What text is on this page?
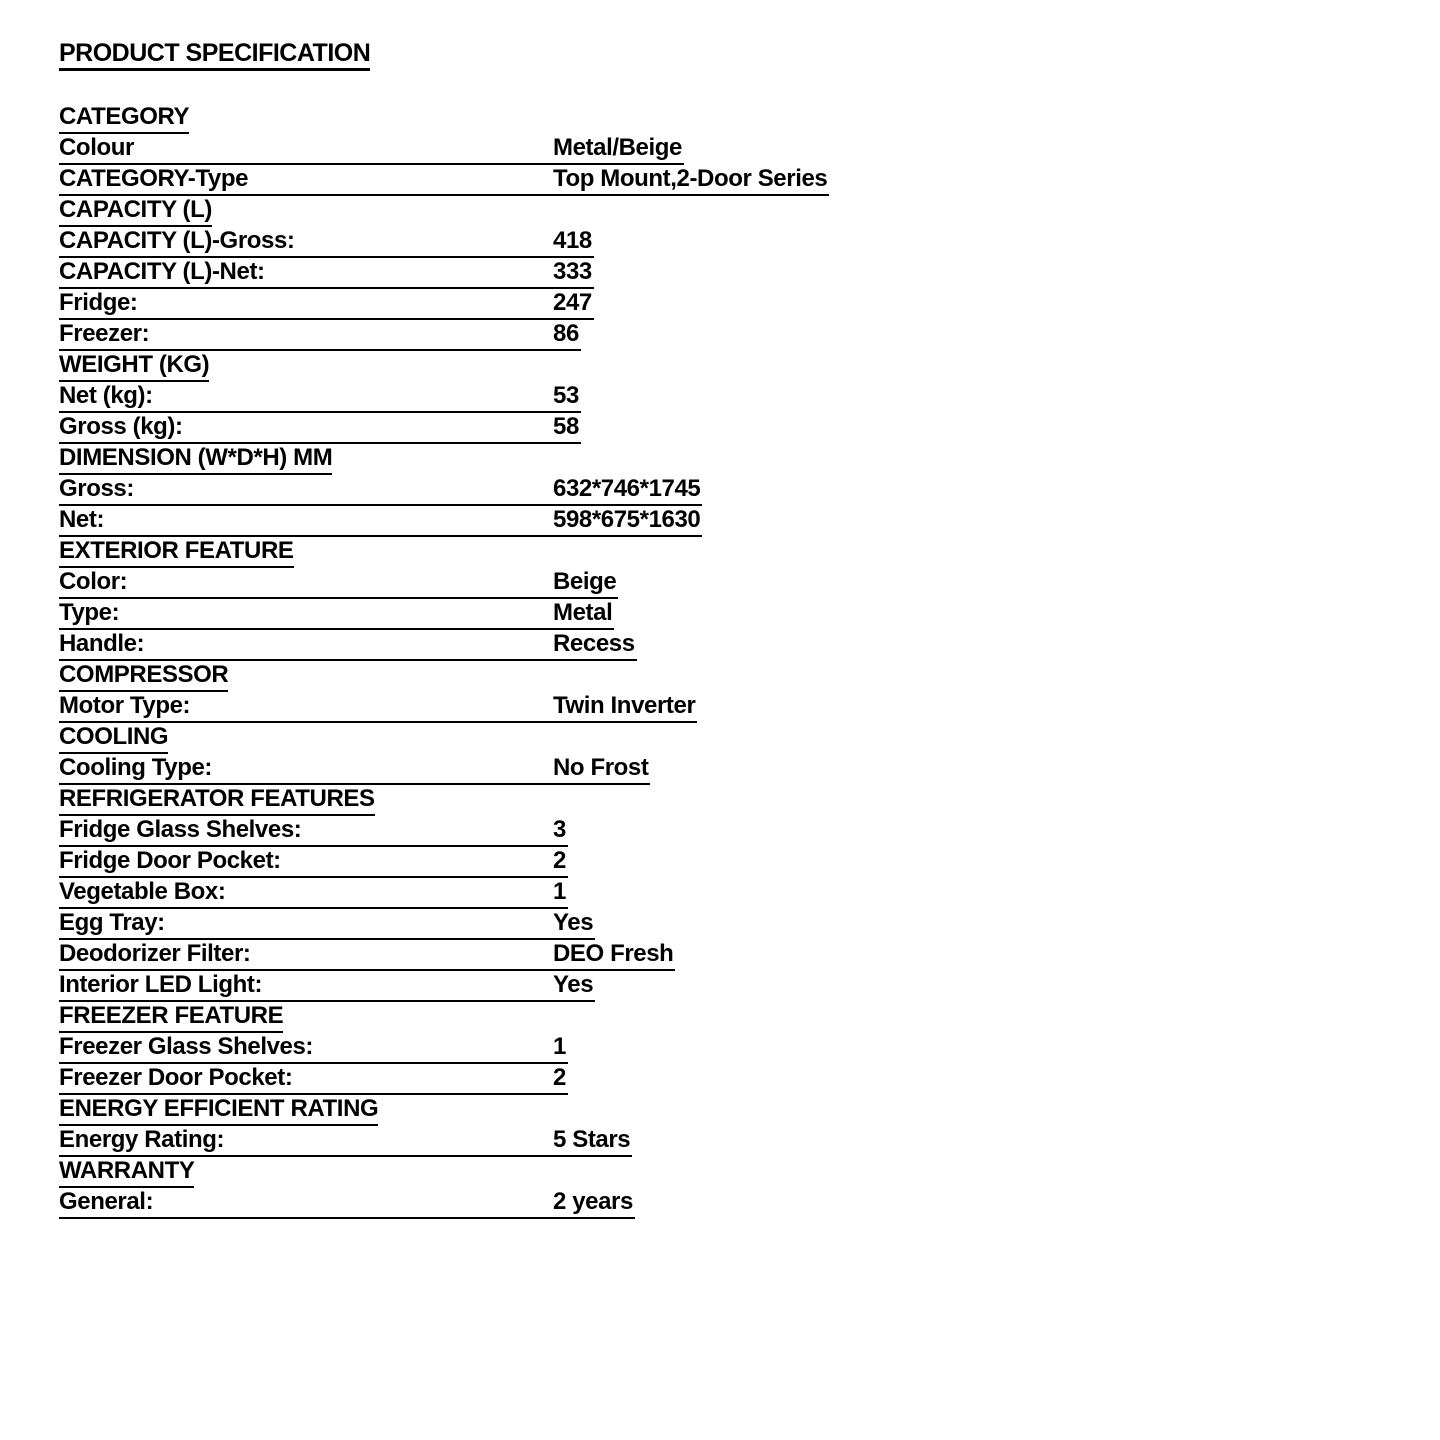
PRODUCT SPECIFICATION
CATEGORY
Colour	Metal/Beige
CATEGORY-Type	Top Mount,2-Door Series
CAPACITY (L)
CAPACITY (L)-Gross:	418
CAPACITY (L)-Net:	333
Fridge:	247
Freezer:	86
WEIGHT (KG)
Net (kg):	53
Gross (kg):	58
DIMENSION (W*D*H) MM
Gross:	632*746*1745
Net:	598*675*1630
EXTERIOR FEATURE
Color:	Beige
Type:	Metal
Handle:	Recess
COMPRESSOR
Motor Type:	Twin Inverter
COOLING
Cooling Type:	No Frost
REFRIGERATOR FEATURES
Fridge Glass Shelves:	3
Fridge Door Pocket:	2
Vegetable Box:	1
Egg Tray:	Yes
Deodorizer Filter:	DEO Fresh
Interior LED Light:	Yes
FREEZER FEATURE
Freezer Glass Shelves:	1
Freezer Door Pocket:	2
ENERGY EFFICIENT RATING
Energy Rating:	5 Stars
WARRANTY
General:	2 years
